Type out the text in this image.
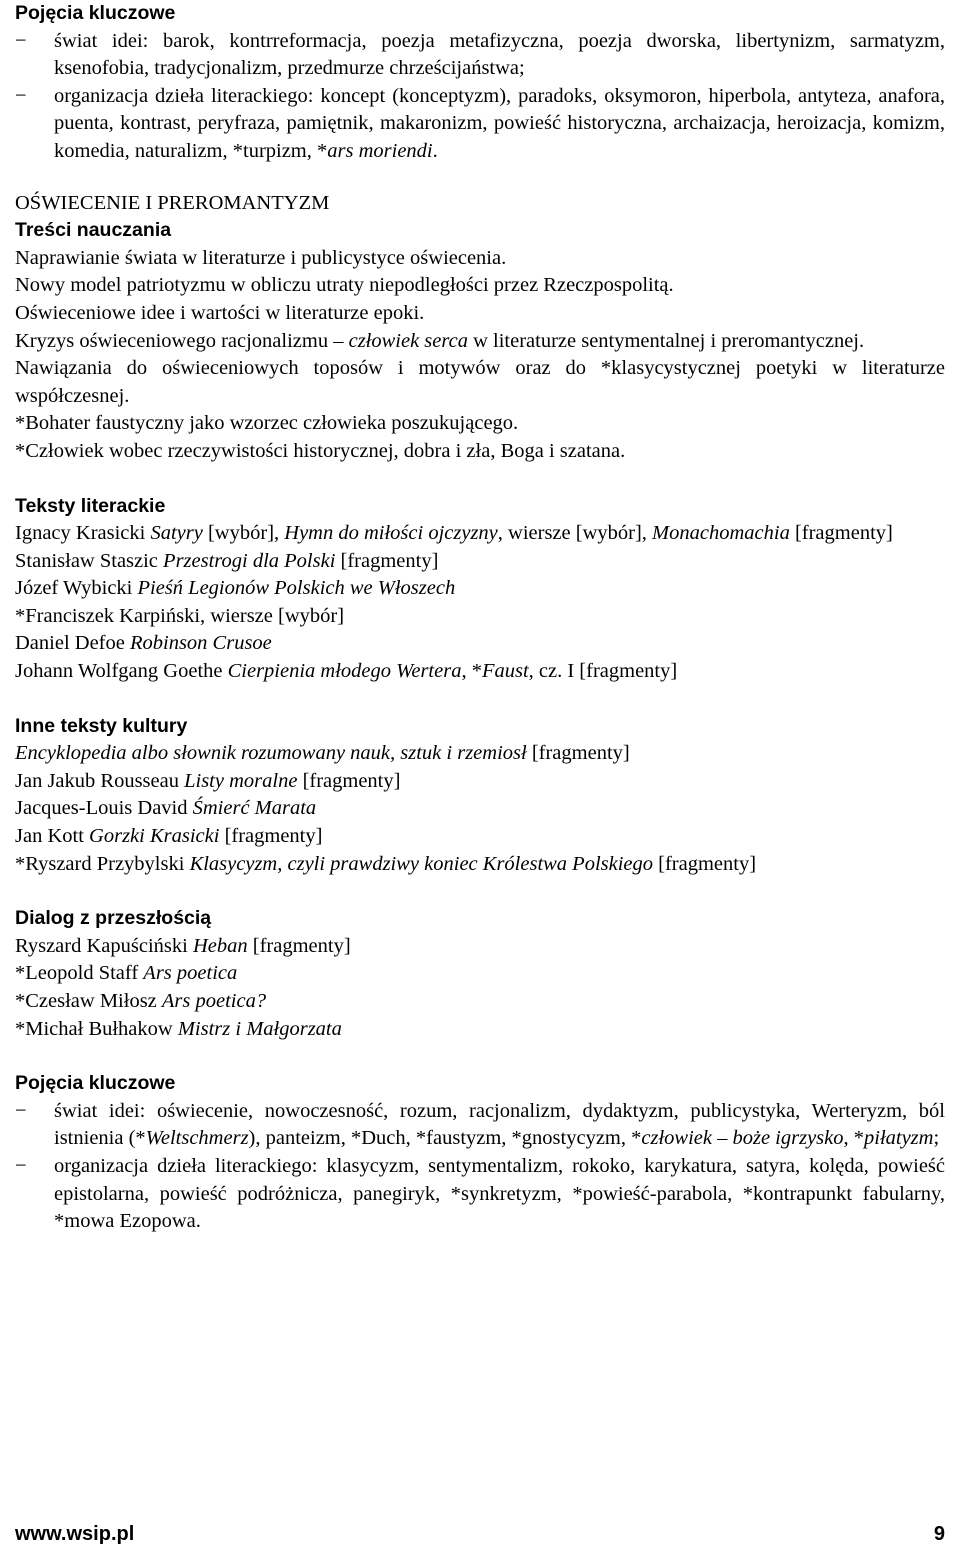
Pojęcia kluczowe
− świat idei: barok, kontrreformacja, poezja metafizyczna, poezja dworska, libertynizm, sarmatyzm, ksenofobia, tradycjonalizm, przedmurze chrześcijaństwa;
− organizacja dzieła literackiego: koncept (konceptyzm), paradoks, oksymoron, hiperbola, antyteza, anafora, puenta, kontrast, peryfraza, pamiętnik, makaronizm, powieść historyczna, archaizacja, heroizacja, komizm, komedia, naturalizm, *turpizm, *ars moriendi.
OŚWIECENIE I PREROMANTYZM
Treści nauczania
Naprawianie świata w literaturze i publicystyce oświecenia.
Nowy model patriotyzmu w obliczu utraty niepodległości przez Rzeczpospolitą.
Oświeceniowe idee i wartości w literaturze epoki.
Kryzys oświeceniowego racjonalizmu – człowiek serca w literaturze sentymentalnej i preromantycznej.
Nawiązania do oświeceniowych toposów i motywów oraz do *klasycystycznej poetyki w literaturze współczesnej.
*Bohater faustyczny jako wzorzec człowieka poszukującego.
*Człowiek wobec rzeczywistości historycznej, dobra i zła, Boga i szatana.
Teksty literackie
Ignacy Krasicki Satyry [wybór], Hymn do miłości ojczyzny, wiersze [wybór], Monachomachia [fragmenty]
Stanisław Staszic Przestrogi dla Polski [fragmenty]
Józef Wybicki Pieśń Legionów Polskich we Włoszech
*Franciszek Karpiński, wiersze [wybór]
Daniel Defoe Robinson Crusoe
Johann Wolfgang Goethe Cierpienia młodego Wertera, *Faust, cz. I [fragmenty]
Inne teksty kultury
Encyklopedia albo słownik rozumowany nauk, sztuk i rzemiosł [fragmenty]
Jan Jakub Rousseau Listy moralne [fragmenty]
Jacques-Louis David Śmierć Marata
Jan Kott Gorzki Krasicki [fragmenty]
*Ryszard Przybylski Klasycyzm, czyli prawdziwy koniec Królestwa Polskiego [fragmenty]
Dialog z przeszłością
Ryszard Kapuściński Heban [fragmenty]
*Leopold Staff Ars poetica
*Czesław Miłosz Ars poetica?
*Michał Bułhakow Mistrz i Małgorzata
Pojęcia kluczowe
− świat idei: oświecenie, nowoczesność, rozum, racjonalizm, dydaktyzm, publicystyka, Werteryzm, ból istnienia (*Weltschmerz), panteizm, *Duch, *faustyzm, *gnostycyzm, *człowiek – boże igrzysko, *piłatyzm;
− organizacja dzieła literackiego: klasycyzm, sentymentalizm, rokoko, karykatura, satyra, kolęda, powieść epistolarna, powieść podróżnicza, panegiryk, *synkretyzm, *powieść-parabola, *kontrapunkt fabularny, *mowa Ezopowa.
www.wsip.pl	9
